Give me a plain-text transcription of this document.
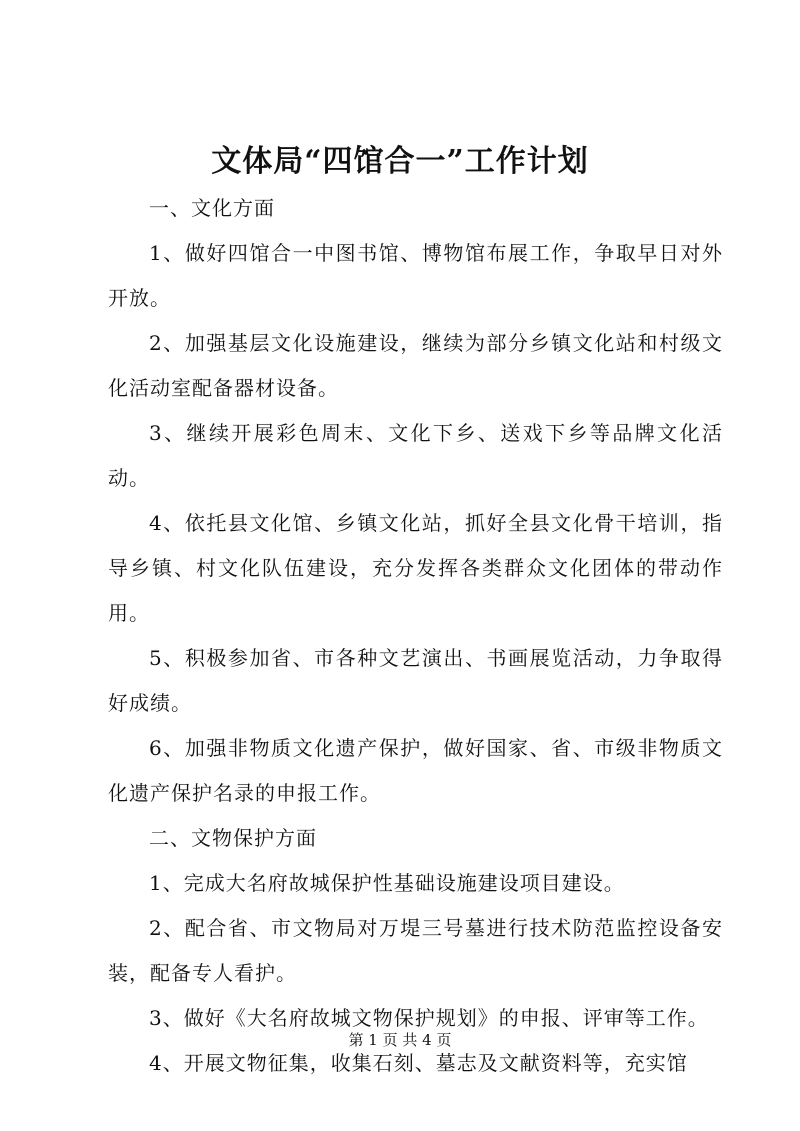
文体局“四馆合一”工作计划

一、文化方面

1、做好四馆合一中图书馆、博物馆布展工作，争取早日对外开放。

2、加强基层文化设施建设，继续为部分乡镇文化站和村级文化活动室配备器材设备。

3、继续开展彩色周末、文化下乡、送戏下乡等品牌文化活动。

4、依托县文化馆、乡镇文化站，抓好全县文化骨干培训，指导乡镇、村文化队伍建设，充分发挥各类群众文化团体的带动作用。

5、积极参加省、市各种文艺演出、书画展览活动，力争取得好成绩。

6、加强非物质文化遗产保护，做好国家、省、市级非物质文化遗产保护名录的申报工作。

二、文物保护方面

1、完成大名府故城保护性基础设施建设项目建设。

2、配合省、市文物局对万堤三号墓进行技术防范监控设备安装，配备专人看护。

3、做好《大名府故城文物保护规划》的申报、评审等工作。

4、开展文物征集，收集石刻、墓志及文献资料等，充实馆

第 1 页 共 4 页
